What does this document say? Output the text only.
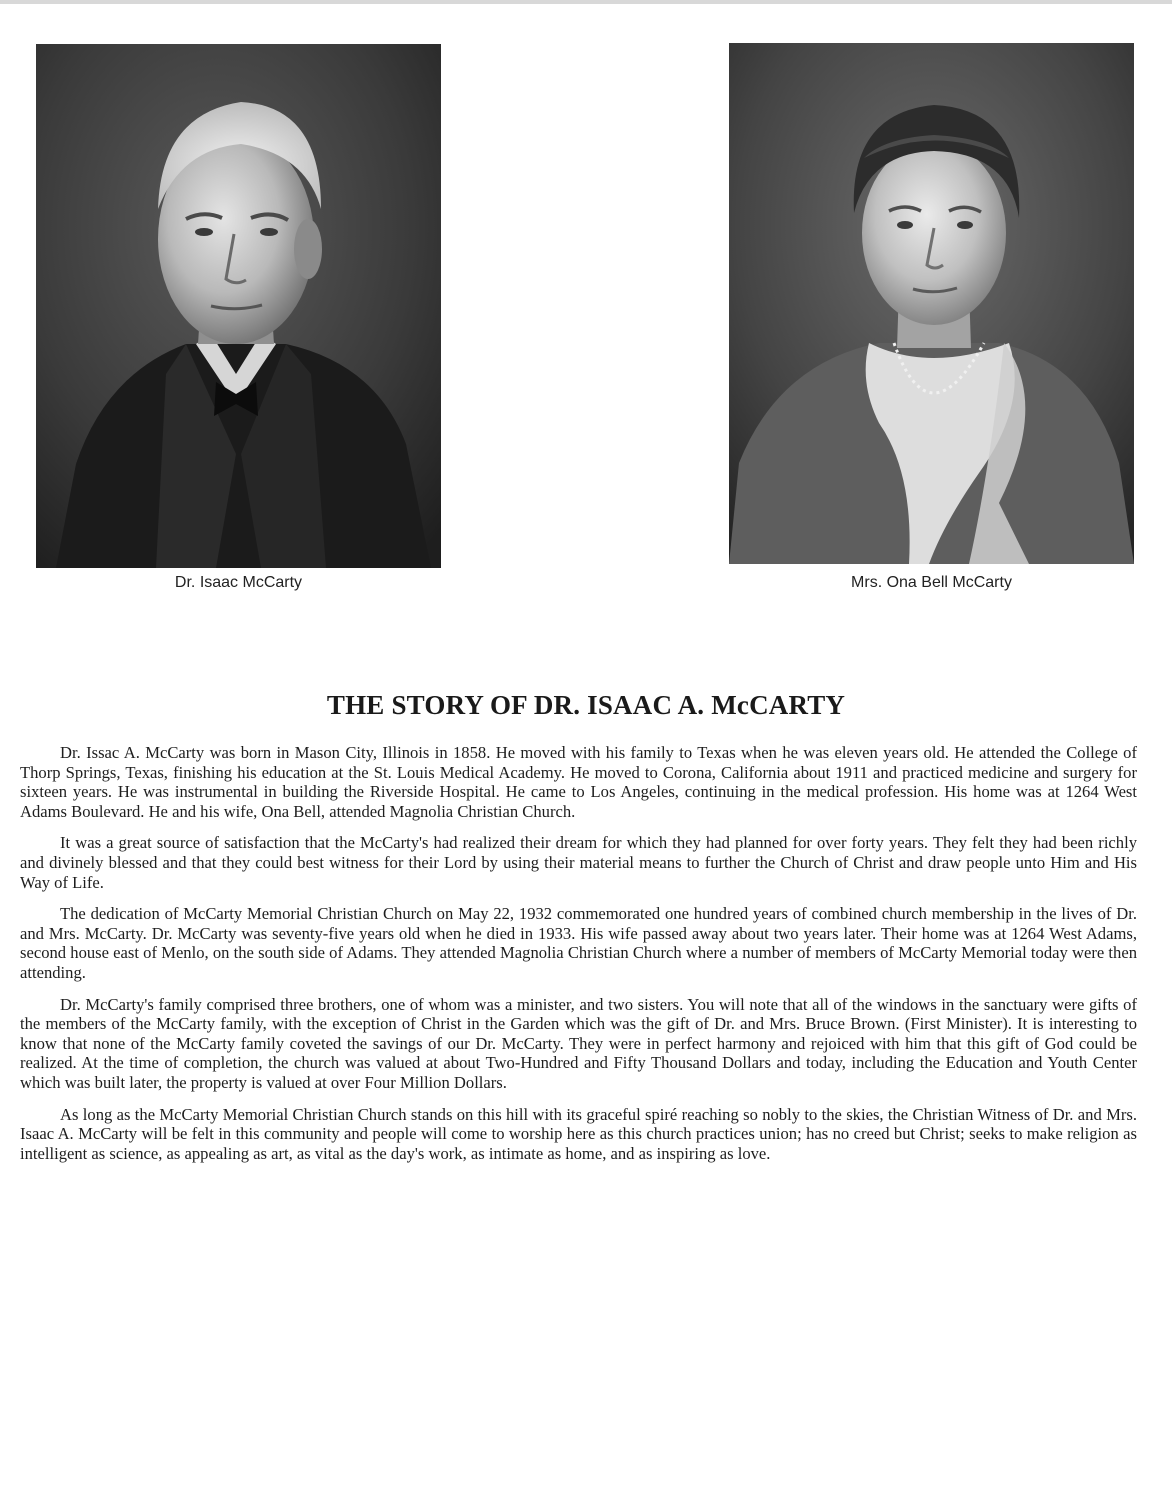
Dr. Isaac McCarty	Mrs. Ona Bell McCarty
THE STORY OF DR. ISAAC A. McCARTY

Dr. Issac A. McCarty was born in Mason City, Illinois in 1858. He moved with his family to Texas when he was eleven years old. He attended the College of Thorp Springs, Texas, finishing his education at the St. Louis Medical Academy. He moved to Corona, California about 1911 and practiced medicine and surgery for sixteen years. He was instrumental in building the Riverside Hospital. He came to Los Angeles, continuing in the medical profession. His home was at 1264 West Adams Boulevard. He and his wife, Ona Bell, attended Magnolia Christian Church.

It was a great source of satisfaction that the McCarty's had realized their dream for which they had planned for over forty years. They felt they had been richly and divinely blessed and that they could best witness for their Lord by using their material means to further the Church of Christ and draw people unto Him and His Way of Life.

The dedication of McCarty Memorial Christian Church on May 22, 1932 commemorated one hundred years of combined church membership in the lives of Dr. and Mrs. McCarty. Dr. McCarty was seventy-five years old when he died in 1933. His wife passed away about two years later. Their home was at 1264 West Adams, second house east of Menlo, on the south side of Adams. They attended Magnolia Christian Church where a number of members of McCarty Memorial today were then attending.

Dr. McCarty's family comprised three brothers, one of whom was a minister, and two sisters. You will note that all of the windows in the sanctuary were gifts of the members of the McCarty family, with the exception of Christ in the Garden which was the gift of Dr. and Mrs. Bruce Brown. (First Minister). It is interesting to know that none of the McCarty family coveted the savings of our Dr. McCarty. They were in perfect harmony and rejoiced with him that this gift of God could be realized. At the time of completion, the church was valued at about Two-Hundred and Fifty Thousand Dollars and today, including the Education and Youth Center which was built later, the property is valued at over Four Million Dollars.

As long as the McCarty Memorial Christian Church stands on this hill with its graceful spiré reaching so nobly to the skies, the Christian Witness of Dr. and Mrs. Isaac A. McCarty will be felt in this community and people will come to worship here as this church practices union; has no creed but Christ; seeks to make religion as intelligent as science, as appealing as art, as vital as the day's work, as intimate as home, and as inspiring as love.
